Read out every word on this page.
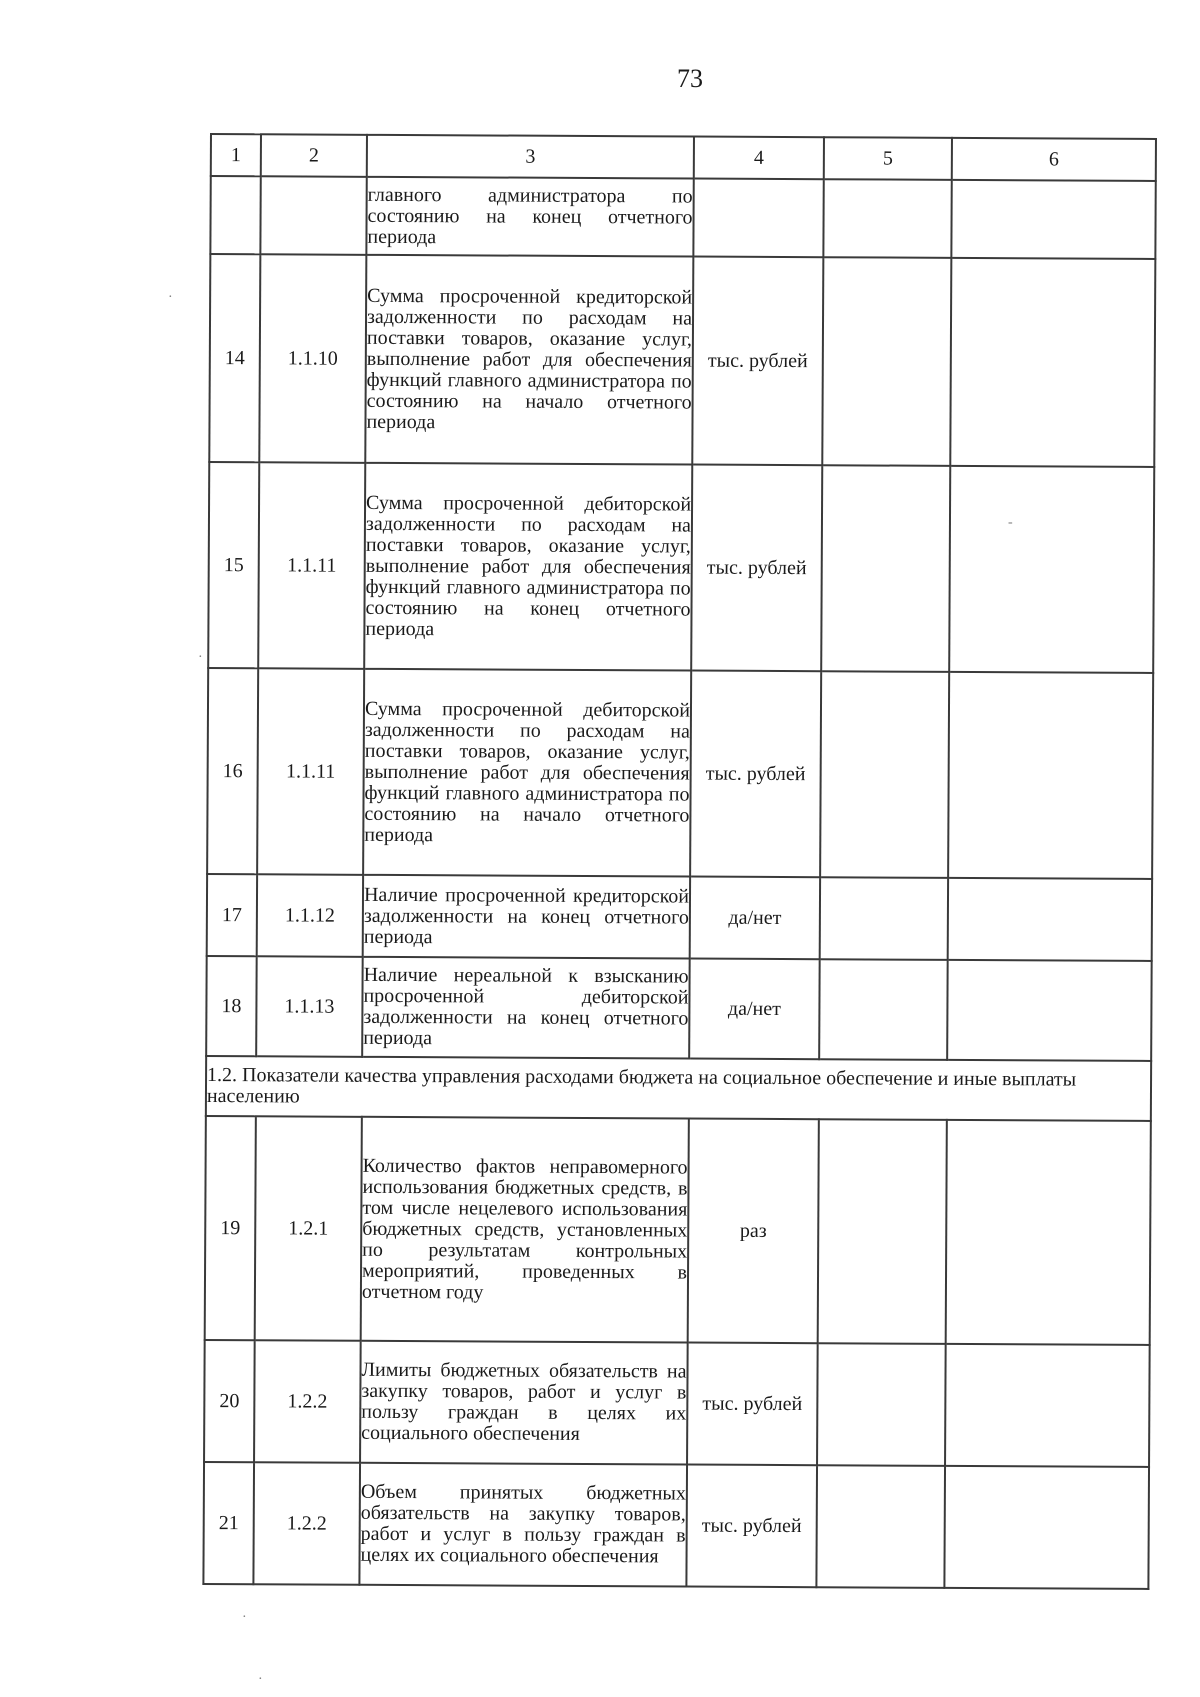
73
1	2	3	4	5	6
		главного администратора по состоянию на конец отчетного периода			
14	1.1.10	Сумма просроченной кредиторской задолженности по расходам на поставки товаров, оказание услуг, выполнение работ для обеспечения функций главного администратора по состоянию на начало отчетного периода	тыс. рублей		
15	1.1.11	Сумма просроченной дебиторской задолженности по расходам на поставки товаров, оказание услуг, выполнение работ для обеспечения функций главного администратора по состоянию на конец отчетного периода	тыс. рублей		
16	1.1.11	Сумма просроченной дебиторской задолженности по расходам на поставки товаров, оказание услуг, выполнение работ для обеспечения функций главного администратора по состоянию на начало отчетного периода	тыс. рублей		
17	1.1.12	Наличие просроченной кредиторской задолженности на конец отчетного периода	да/нет		
18	1.1.13	Наличие нереальной к взысканию просроченной дебиторской задолженности на конец отчетного периода	да/нет		
1.2. Показатели качества управления расходами бюджета на социальное обеспечение и иные выплаты населению					
19	1.2.1	Количество фактов неправомерного использования бюджетных средств, в том числе нецелевого использования бюджетных средств, установленных по результатам контрольных мероприятий, проведенных в отчетном году	раз		
20	1.2.2	Лимиты бюджетных обязательств на закупку товаров, работ и услуг в пользу граждан в целях их социального обеспечения	тыс. рублей		
21	1.2.2	Объем принятых бюджетных обязательств на закупку товаров, работ и услуг в пользу граждан в целях их социального обеспечения	тыс. рублей		
·
·
·
·
-
